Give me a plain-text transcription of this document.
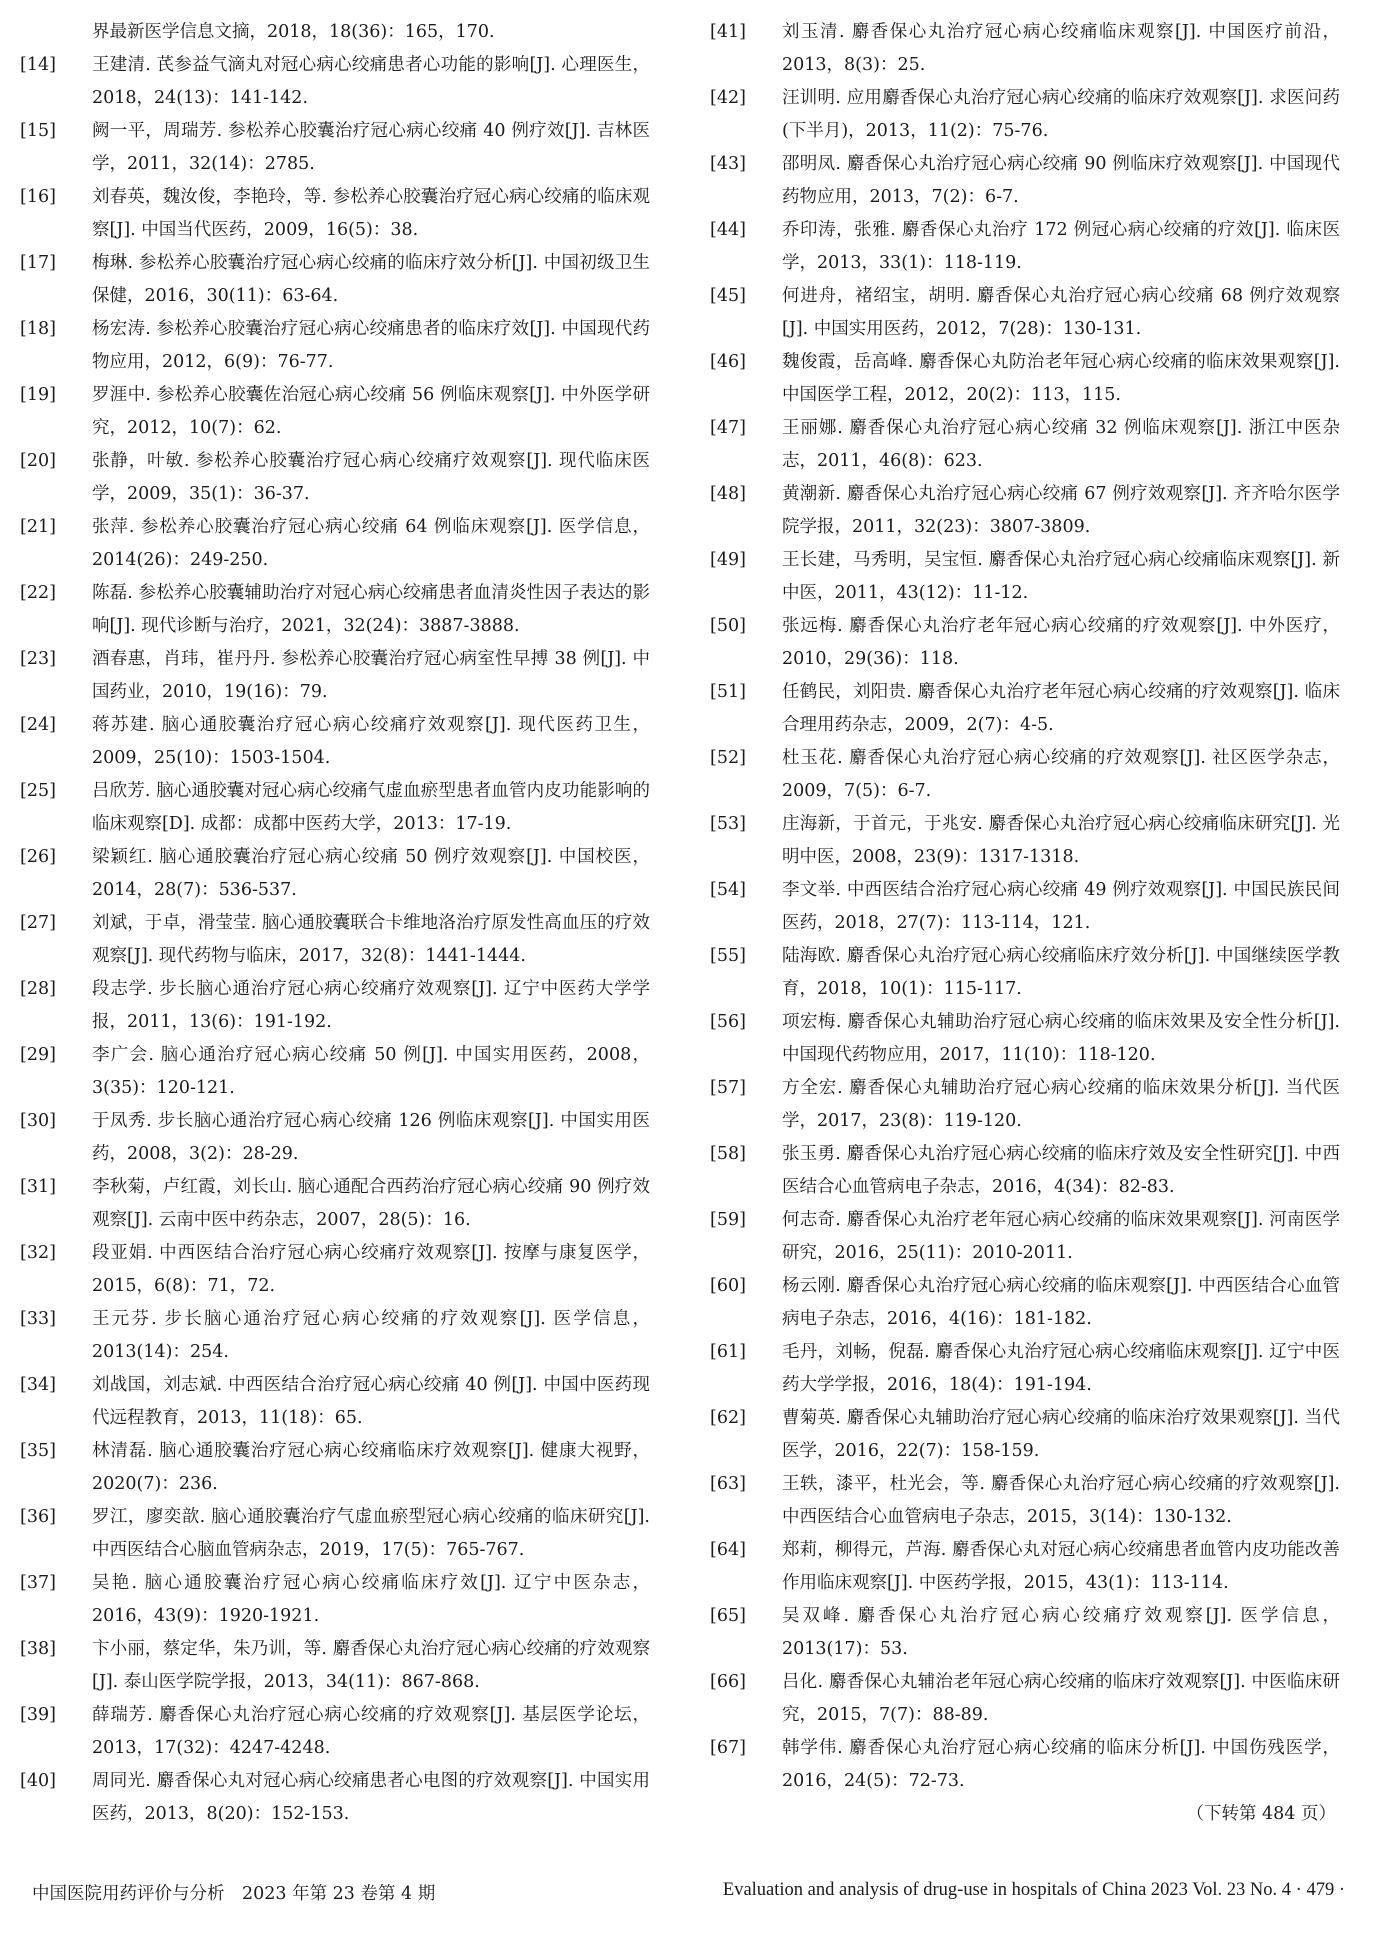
界最新医学信息文摘，2018，18(36)：165，170.
[14]	王建清. 芪参益气滴丸对冠心病心绞痛患者心功能的影响[J]. 心理医生，2018，24(13)：141-142.
[15]	阙一平，周瑞芳. 参松养心胶囊治疗冠心病心绞痛 40 例疗效[J]. 吉林医学，2011，32(14)：2785.
[16]	刘春英，魏汝俊，李艳玲，等. 参松养心胶囊治疗冠心病心绞痛的临床观察[J]. 中国当代医药，2009，16(5)：38.
[17]	梅琳. 参松养心胶囊治疗冠心病心绞痛的临床疗效分析[J]. 中国初级卫生保健，2016，30(11)：63-64.
[18]	杨宏涛. 参松养心胶囊治疗冠心病心绞痛患者的临床疗效[J]. 中国现代药物应用，2012，6(9)：76-77.
[19]	罗涯中. 参松养心胶囊佐治冠心病心绞痛 56 例临床观察[J]. 中外医学研究，2012，10(7)：62.
[20]	张静，叶敏. 参松养心胶囊治疗冠心病心绞痛疗效观察[J]. 现代临床医学，2009，35(1)：36-37.
[21]	张萍. 参松养心胶囊治疗冠心病心绞痛 64 例临床观察[J]. 医学信息，2014(26)：249-250.
[22]	陈磊. 参松养心胶囊辅助治疗对冠心病心绞痛患者血清炎性因子表达的影响[J]. 现代诊断与治疗，2021，32(24)：3887-3888.
[23]	酒春惠，肖玮，崔丹丹. 参松养心胶囊治疗冠心病室性早搏 38 例[J]. 中国药业，2010，19(16)：79.
[24]	蒋苏建. 脑心通胶囊治疗冠心病心绞痛疗效观察[J]. 现代医药卫生，2009，25(10)：1503-1504.
[25]	吕欣芳. 脑心通胶囊对冠心病心绞痛气虚血瘀型患者血管内皮功能影响的临床观察[D]. 成都：成都中医药大学，2013：17-19.
[26]	梁颖红. 脑心通胶囊治疗冠心病心绞痛 50 例疗效观察[J]. 中国校医，2014，28(7)：536-537.
[27]	刘斌，于卓，滑莹莹. 脑心通胶囊联合卡维地洛治疗原发性高血压的疗效观察[J]. 现代药物与临床，2017，32(8)：1441-1444.
[28]	段志学. 步长脑心通治疗冠心病心绞痛疗效观察[J]. 辽宁中医药大学学报，2011，13(6)：191-192.
[29]	李广会. 脑心通治疗冠心病心绞痛 50 例[J]. 中国实用医药，2008，3(35)：120-121.
[30]	于凤秀. 步长脑心通治疗冠心病心绞痛 126 例临床观察[J]. 中国实用医药，2008，3(2)：28-29.
[31]	李秋菊，卢红霞，刘长山. 脑心通配合西药治疗冠心病心绞痛 90 例疗效观察[J]. 云南中医中药杂志，2007，28(5)：16.
[32]	段亚娟. 中西医结合治疗冠心病心绞痛疗效观察[J]. 按摩与康复医学，2015，6(8)：71，72.
[33]	王元芬. 步长脑心通治疗冠心病心绞痛的疗效观察[J]. 医学信息，2013(14)：254.
[34]	刘战国，刘志斌. 中西医结合治疗冠心病心绞痛 40 例[J]. 中国中医药现代远程教育，2013，11(18)：65.
[35]	林清磊. 脑心通胶囊治疗冠心病心绞痛临床疗效观察[J]. 健康大视野，2020(7)：236.
[36]	罗江，廖奕歆. 脑心通胶囊治疗气虚血瘀型冠心病心绞痛的临床研究[J]. 中西医结合心脑血管病杂志，2019，17(5)：765-767.
[37]	吴艳. 脑心通胶囊治疗冠心病心绞痛临床疗效[J]. 辽宁中医杂志，2016，43(9)：1920-1921.
[38]	卞小丽，蔡定华，朱乃训，等. 麝香保心丸治疗冠心病心绞痛的疗效观察[J]. 泰山医学院学报，2013，34(11)：867-868.
[39]	薛瑞芳. 麝香保心丸治疗冠心病心绞痛的疗效观察[J]. 基层医学论坛，2013，17(32)：4247-4248.
[40]	周同光. 麝香保心丸对冠心病心绞痛患者心电图的疗效观察[J]. 中国实用医药，2013，8(20)：152-153.
[41]	刘玉清. 麝香保心丸治疗冠心病心绞痛临床观察[J]. 中国医疗前沿，2013，8(3)：25.
[42]	汪训明. 应用麝香保心丸治疗冠心病心绞痛的临床疗效观察[J]. 求医问药(下半月)，2013，11(2)：75-76.
[43]	邵明凤. 麝香保心丸治疗冠心病心绞痛 90 例临床疗效观察[J]. 中国现代药物应用，2013，7(2)：6-7.
[44]	乔印涛，张雅. 麝香保心丸治疗 172 例冠心病心绞痛的疗效[J]. 临床医学，2013，33(1)：118-119.
[45]	何进舟，褚绍宝，胡明. 麝香保心丸治疗冠心病心绞痛 68 例疗效观察[J]. 中国实用医药，2012，7(28)：130-131.
[46]	魏俊霞，岳高峰. 麝香保心丸防治老年冠心病心绞痛的临床效果观察[J]. 中国医学工程，2012，20(2)：113，115.
[47]	王丽娜. 麝香保心丸治疗冠心病心绞痛 32 例临床观察[J]. 浙江中医杂志，2011，46(8)：623.
[48]	黄潮新. 麝香保心丸治疗冠心病心绞痛 67 例疗效观察[J]. 齐齐哈尔医学院学报，2011，32(23)：3807-3809.
[49]	王长建，马秀明，吴宝恒. 麝香保心丸治疗冠心病心绞痛临床观察[J]. 新中医，2011，43(12)：11-12.
[50]	张远梅. 麝香保心丸治疗老年冠心病心绞痛的疗效观察[J]. 中外医疗，2010，29(36)：118.
[51]	任鹤民，刘阳贵. 麝香保心丸治疗老年冠心病心绞痛的疗效观察[J]. 临床合理用药杂志，2009，2(7)：4-5.
[52]	杜玉花. 麝香保心丸治疗冠心病心绞痛的疗效观察[J]. 社区医学杂志，2009，7(5)：6-7.
[53]	庄海新，于首元，于兆安. 麝香保心丸治疗冠心病心绞痛临床研究[J]. 光明中医，2008，23(9)：1317-1318.
[54]	李文举. 中西医结合治疗冠心病心绞痛 49 例疗效观察[J]. 中国民族民间医药，2018，27(7)：113-114，121.
[55]	陆海欧. 麝香保心丸治疗冠心病心绞痛临床疗效分析[J]. 中国继续医学教育，2018，10(1)：115-117.
[56]	项宏梅. 麝香保心丸辅助治疗冠心病心绞痛的临床效果及安全性分析[J]. 中国现代药物应用，2017，11(10)：118-120.
[57]	方全宏. 麝香保心丸辅助治疗冠心病心绞痛的临床效果分析[J]. 当代医学，2017，23(8)：119-120.
[58]	张玉勇. 麝香保心丸治疗冠心病心绞痛的临床疗效及安全性研究[J]. 中西医结合心血管病电子杂志，2016，4(34)：82-83.
[59]	何志奇. 麝香保心丸治疗老年冠心病心绞痛的临床效果观察[J]. 河南医学研究，2016，25(11)：2010-2011.
[60]	杨云刚. 麝香保心丸治疗冠心病心绞痛的临床观察[J]. 中西医结合心血管病电子杂志，2016，4(16)：181-182.
[61]	毛丹，刘畅，倪磊. 麝香保心丸治疗冠心病心绞痛临床观察[J]. 辽宁中医药大学学报，2016，18(4)：191-194.
[62]	曹菊英. 麝香保心丸辅助治疗冠心病心绞痛的临床治疗效果观察[J]. 当代医学，2016，22(7)：158-159.
[63]	王轶，漆平，杜光会，等. 麝香保心丸治疗冠心病心绞痛的疗效观察[J]. 中西医结合心血管病电子杂志，2015，3(14)：130-132.
[64]	郑莉，柳得元，芦海. 麝香保心丸对冠心病心绞痛患者血管内皮功能改善作用临床观察[J]. 中医药学报，2015，43(1)：113-114.
[65]	吴双峰. 麝香保心丸治疗冠心病心绞痛疗效观察[J]. 医学信息，2013(17)：53.
[66]	吕化. 麝香保心丸辅治老年冠心病心绞痛的临床疗效观察[J]. 中医临床研究，2015，7(7)：88-89.
[67]	韩学伟. 麝香保心丸治疗冠心病心绞痛的临床分析[J]. 中国伤残医学，2016，24(5)：72-73.
（下转第 484 页）
中国医院用药评价与分析　2023 年第 23 卷第 4 期	Evaluation and analysis of drug-use in hospitals of China 2023 Vol. 23 No. 4 · 479 ·
